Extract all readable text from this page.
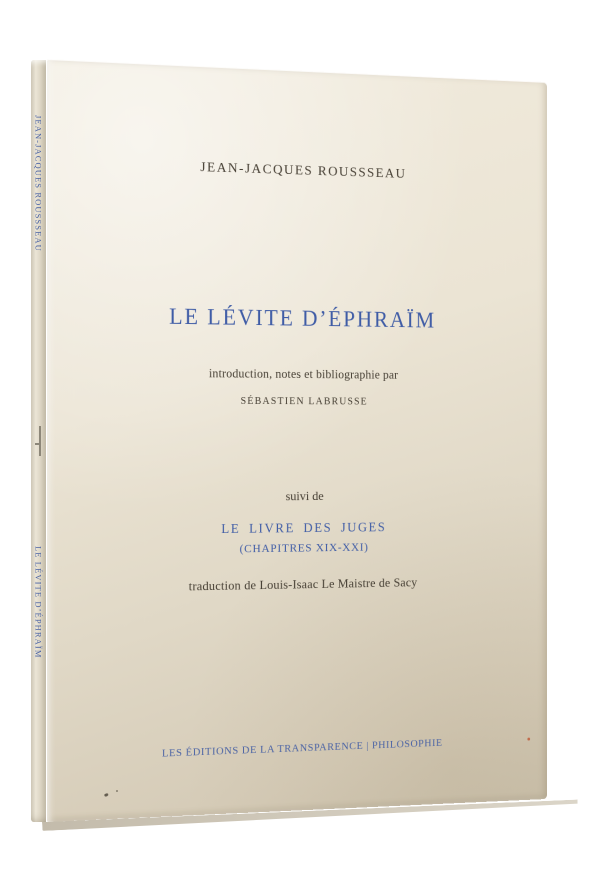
JEAN-JACQUES ROUSSSEAU
LE LÉVITE D’ÉPHRAÏM
JEAN-JACQUES ROUSSSEAU
LE LÉVITE D’ÉPHRAÏM
introduction, notes et bibliographie par
SÉBASTIEN LABRUSSE
suivi de
LE LIVRE DES JUGES
(CHAPITRES XIX-XXI)
traduction de Louis-Isaac Le Maistre de Sacy
LES ÉDITIONS DE LA TRANSPARENCE | PHILOSOPHIE
